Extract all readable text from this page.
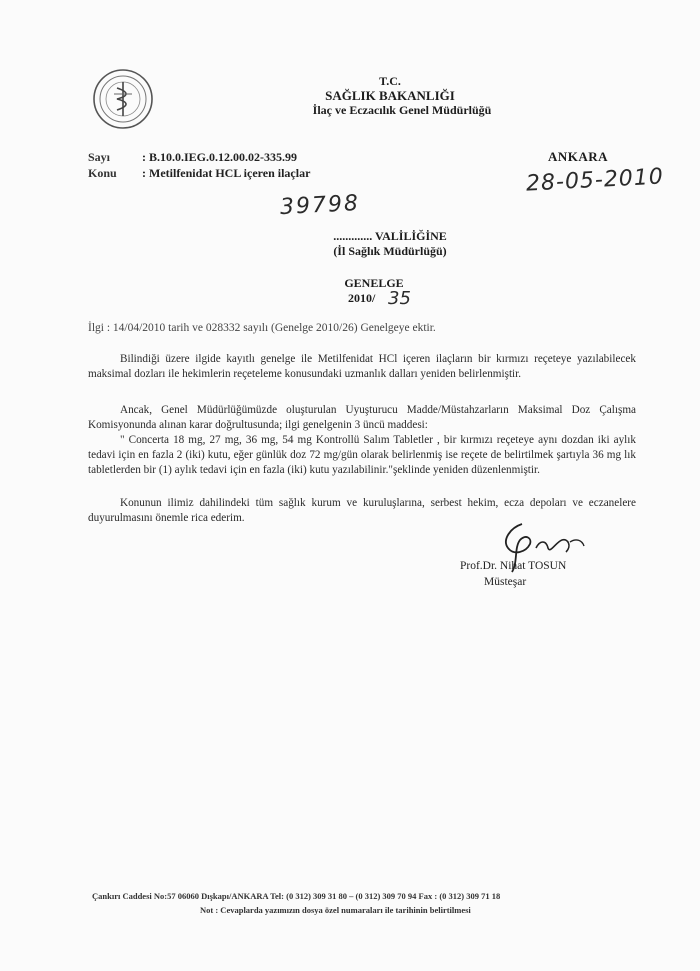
T.C.
SAĞLIK BAKANLIĞI
İlaç ve Eczacılık Genel Müdürlüğü
Sayı	: B.10.0.IEG.0.12.00.02-335.99
Konu : Metilfenidat HCL içeren ilaçlar
ANKARA
28-05-2010
39798
............. VALİLİĞİNE
(İl Sağlık Müdürlüğü)
GENELGE
2010/ 35
İlgi : 14/04/2010 tarih ve 028332 sayılı (Genelge 2010/26) Genelgeye ektir.
Bilindiği üzere ilgide kayıtlı genelge ile Metilfenidat HCl içeren ilaçların bir kırmızı reçeteye yazılabilecek maksimal dozları ile hekimlerin reçeteleme konusundaki uzmanlık dalları yeniden belirlenmiştir.
Ancak, Genel Müdürlüğümüzde oluşturulan Uyuşturucu Madde/Müstahzarların Maksimal Doz Çalışma Komisyonunda alınan karar doğrultusunda; ilgi genelgenin 3 üncü maddesi:
" Concerta 18 mg, 27 mg, 36 mg, 54 mg Kontrollü Salım Tabletler , bir kırmızı reçeteye aynı dozdan iki aylık tedavi için en fazla 2 (iki) kutu, eğer günlük doz 72 mg/gün olarak belirlenmiş ise reçete de belirtilmek şartıyla 36 mg lık tabletlerden bir (1) aylık tedavi için en fazla (iki) kutu yazılabilinir."şeklinde yeniden düzenlenmiştir.
Konunun ilimiz dahilindeki tüm sağlık kurum ve kuruluşlarına, serbest hekim, ecza depoları ve eczanelere duyurulmasını önemle rica ederim.
Prof.Dr. Nihat TOSUN
Müsteşar
Çankırı Caddesi No:57 06060 Dışkapı/ANKARA Tel: (0 312) 309 31 80 – (0 312) 309 70 94 Fax : (0 312) 309 71 18
Not : Cevaplarda yazımızın dosya özel numaraları ile tarihinin belirtilmesi
